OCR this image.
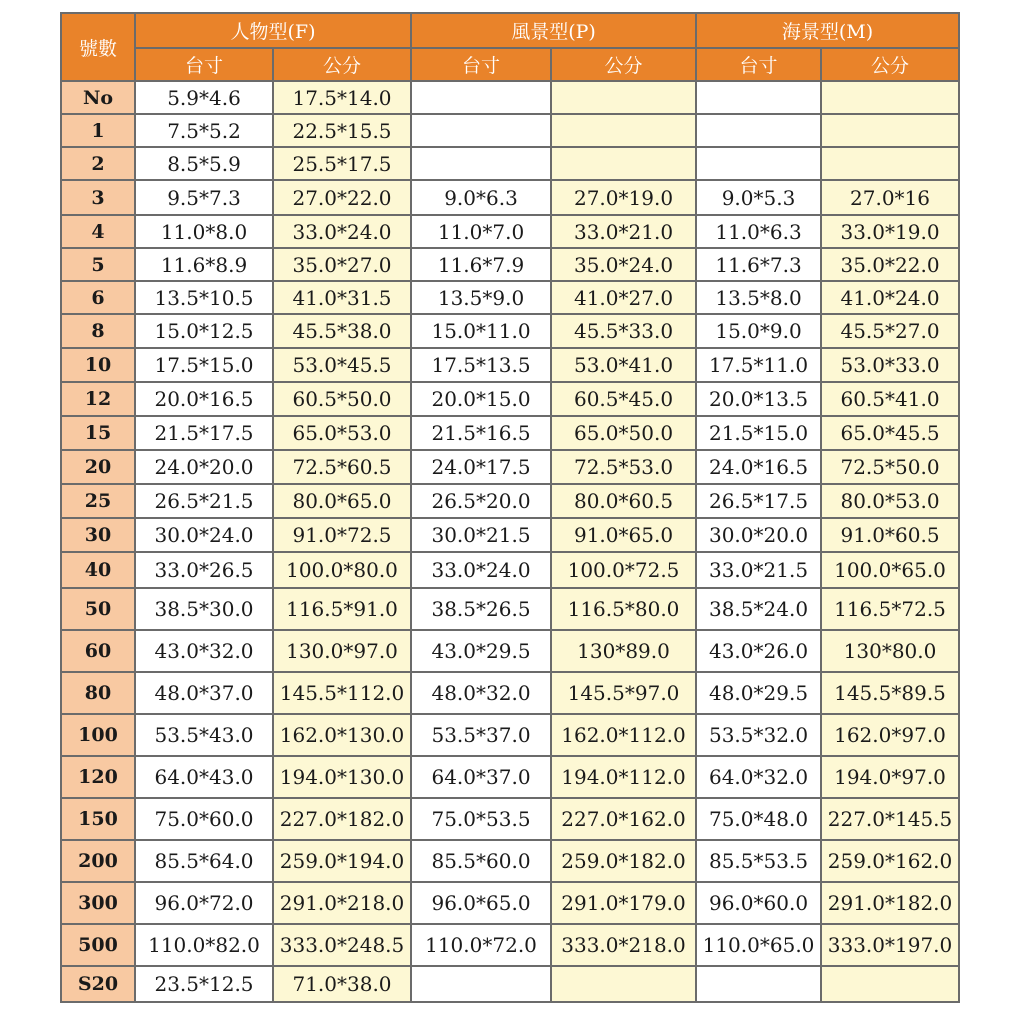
號數	人物型(F)		風景型(P)		海景型(M)	
	台寸	公分	台寸	公分	台寸	公分
No	5.9*4.6	17.5*14.0				
1	7.5*5.2	22.5*15.5				
2	8.5*5.9	25.5*17.5				
3	9.5*7.3	27.0*22.0	9.0*6.3	27.0*19.0	9.0*5.3	27.0*16
4	11.0*8.0	33.0*24.0	11.0*7.0	33.0*21.0	11.0*6.3	33.0*19.0
5	11.6*8.9	35.0*27.0	11.6*7.9	35.0*24.0	11.6*7.3	35.0*22.0
6	13.5*10.5	41.0*31.5	13.5*9.0	41.0*27.0	13.5*8.0	41.0*24.0
8	15.0*12.5	45.5*38.0	15.0*11.0	45.5*33.0	15.0*9.0	45.5*27.0
10	17.5*15.0	53.0*45.5	17.5*13.5	53.0*41.0	17.5*11.0	53.0*33.0
12	20.0*16.5	60.5*50.0	20.0*15.0	60.5*45.0	20.0*13.5	60.5*41.0
15	21.5*17.5	65.0*53.0	21.5*16.5	65.0*50.0	21.5*15.0	65.0*45.5
20	24.0*20.0	72.5*60.5	24.0*17.5	72.5*53.0	24.0*16.5	72.5*50.0
25	26.5*21.5	80.0*65.0	26.5*20.0	80.0*60.5	26.5*17.5	80.0*53.0
30	30.0*24.0	91.0*72.5	30.0*21.5	91.0*65.0	30.0*20.0	91.0*60.5
40	33.0*26.5	100.0*80.0	33.0*24.0	100.0*72.5	33.0*21.5	100.0*65.0
50	38.5*30.0	116.5*91.0	38.5*26.5	116.5*80.0	38.5*24.0	116.5*72.5
60	43.0*32.0	130.0*97.0	43.0*29.5	130*89.0	43.0*26.0	130*80.0
80	48.0*37.0	145.5*112.0	48.0*32.0	145.5*97.0	48.0*29.5	145.5*89.5
100	53.5*43.0	162.0*130.0	53.5*37.0	162.0*112.0	53.5*32.0	162.0*97.0
120	64.0*43.0	194.0*130.0	64.0*37.0	194.0*112.0	64.0*32.0	194.0*97.0
150	75.0*60.0	227.0*182.0	75.0*53.5	227.0*162.0	75.0*48.0	227.0*145.5
200	85.5*64.0	259.0*194.0	85.5*60.0	259.0*182.0	85.5*53.5	259.0*162.0
300	96.0*72.0	291.0*218.0	96.0*65.0	291.0*179.0	96.0*60.0	291.0*182.0
500	110.0*82.0	333.0*248.5	110.0*72.0	333.0*218.0	110.0*65.0	333.0*197.0
S20	23.5*12.5	71.0*38.0				
